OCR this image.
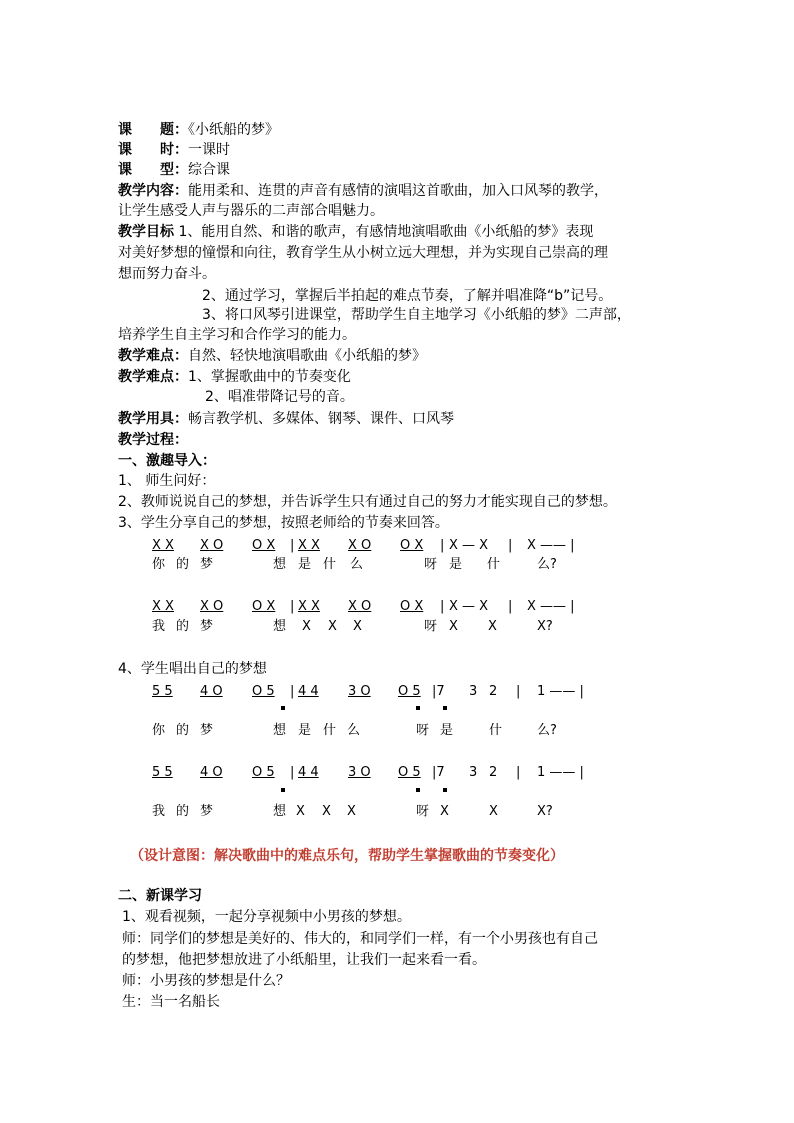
课　　题：《小纸船的梦》
课　　时：一课时
课　　型：综合课
教学内容：能用柔和、连贯的声音有感情的演唱这首歌曲，加入口风琴的教学，
让学生感受人声与器乐的二声部合唱魅力。
教学目标 1、能用自然、和谐的歌声，有感情地演唱歌曲《小纸船的梦》表现
对美好梦想的憧憬和向往，教育学生从小树立远大理想，并为实现自己崇高的理
想而努力奋斗。
2、通过学习，掌握后半拍起的难点节奏，了解并唱准降“b”记号。
3、将口风琴引进课堂，帮助学生自主地学习《小纸船的梦》二声部，
培养学生自主学习和合作学习的能力。
教学难点：自然、轻快地演唱歌曲《小纸船的梦》
教学难点：1、掌握歌曲中的节奏变化
2、唱准带降记号的音。
教学用具：畅言教学机、多媒体、钢琴、课件、口风琴
教学过程：
一、激趣导入：
1、 师生问好：
2、教师说说自己的梦想，并告诉学生只有通过自己的努力才能实现自己的梦想。
3、学生分享自己的梦想，按照老师给的节奏来回答。
X X X O O X | X X X O O X | X — X | X —— |
你 的 梦	想 是 什 么	呀 是 什	么?
X X X O O X | X X X O O X | X — X | X —— |
我 的 梦	想 X X X	呀 X X	X?
4、学生唱出自己的梦想
5 5 4 O O 5 | 4 4 3 O O 5 |7 3 2 | 1 —— |
你 的 梦	想 是 什 么	呀 是	什	么?
5 5 4 O O 5 | 4 4 3 O O 5 |7 3 2 | 1 —— |
我 的 梦	想 X X X	呀 X	X	X?
（设计意图：解决歌曲中的难点乐句，帮助学生掌握歌曲的节奏变化）
二、新课学习
1、观看视频，一起分享视频中小男孩的梦想。
师：同学们的梦想是美好的、伟大的，和同学们一样，有一个小男孩也有自己
的梦想，他把梦想放进了小纸船里，让我们一起来看一看。
师：小男孩的梦想是什么？
生：当一名船长
